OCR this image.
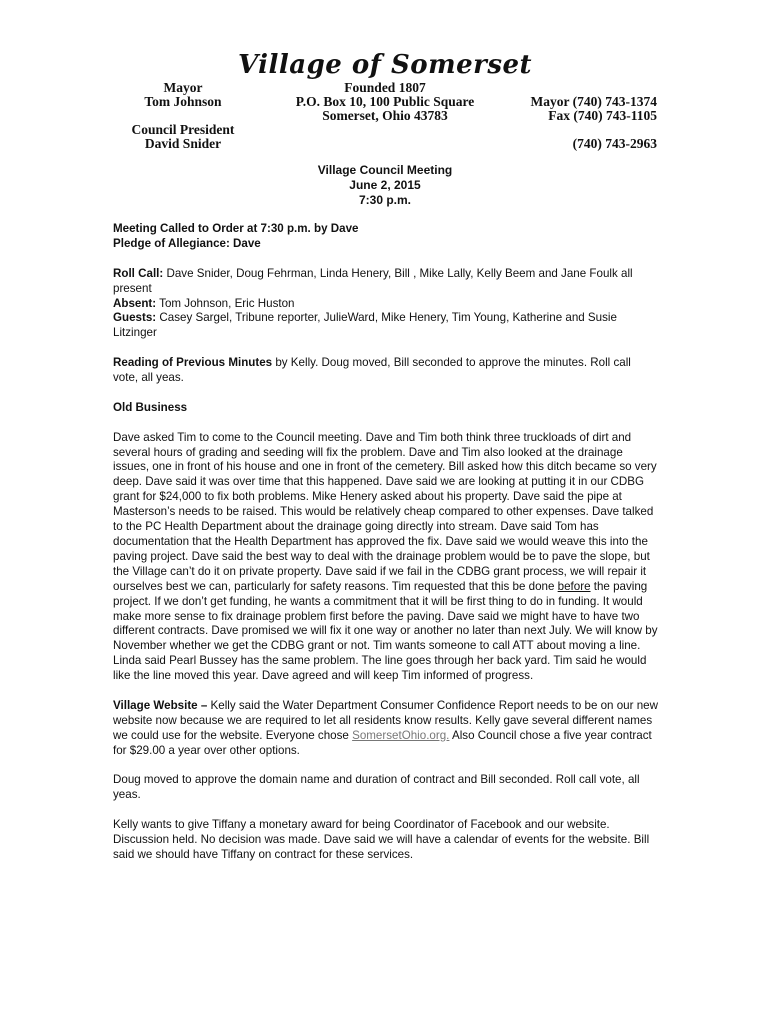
Village of Somerset
Mayor
Tom Johnson
Council President
David Snider
Founded 1807
P.O. Box 10, 100 Public Square
Somerset, Ohio 43783
Mayor (740) 743-1374
Fax (740) 743-1105
(740) 743-2963
Village Council Meeting
June 2, 2015
7:30 p.m.

Meeting Called to Order at 7:30 p.m. by Dave
Pledge of Allegiance: Dave

Roll Call: Dave Snider, Doug Fehrman, Linda Henery, Bill , Mike Lally, Kelly Beem and Jane Foulk all present
Absent: Tom Johnson, Eric Huston
Guests: Casey Sargel, Tribune reporter, JulieWard, Mike Henery, Tim Young, Katherine and Susie Litzinger

Reading of Previous Minutes by Kelly. Doug moved, Bill seconded to approve the minutes. Roll call vote, all yeas.

Old Business

Dave asked Tim to come to the Council meeting. Dave and Tim both think three truckloads of dirt and several hours of grading and seeding will fix the problem. Dave and Tim also looked at the drainage issues, one in front of his house and one in front of the cemetery. Bill asked how this ditch became so very deep. Dave said it was over time that this happened. Dave said we are looking at putting it in our CDBG grant for $24,000 to fix both problems. Mike Henery asked about his property. Dave said the pipe at Masterson’s needs to be raised. This would be relatively cheap compared to other expenses. Dave talked to the PC Health Department about the drainage going directly into stream. Dave said Tom has documentation that the Health Department has approved the fix. Dave said we would weave this into the paving project. Dave said the best way to deal with the drainage problem would be to pave the slope, but the Village can’t do it on private property. Dave said if we fail in the CDBG grant process, we will repair it ourselves best we can, particularly for safety reasons. Tim requested that this be done before the paving project. If we don’t get funding, he wants a commitment that it will be first thing to do in funding. It would make more sense to fix drainage problem first before the paving. Dave said we might have to have two different contracts. Dave promised we will fix it one way or another no later than next July. We will know by November whether we get the CDBG grant or not. Tim wants someone to call ATT about moving a line. Linda said Pearl Bussey has the same problem. The line goes through her back yard. Tim said he would like the line moved this year. Dave agreed and will keep Tim informed of progress.

Village Website – Kelly said the Water Department Consumer Confidence Report needs to be on our new website now because we are required to let all residents know results. Kelly gave several different names we could use for the website. Everyone chose SomersetOhio.org. Also Council chose a five year contract for $29.00 a year over other options.

Doug moved to approve the domain name and duration of contract and Bill seconded. Roll call vote, all yeas.

Kelly wants to give Tiffany a monetary award for being Coordinator of Facebook and our website. Discussion held. No decision was made. Dave said we will have a calendar of events for the website. Bill said we should have Tiffany on contract for these services.
